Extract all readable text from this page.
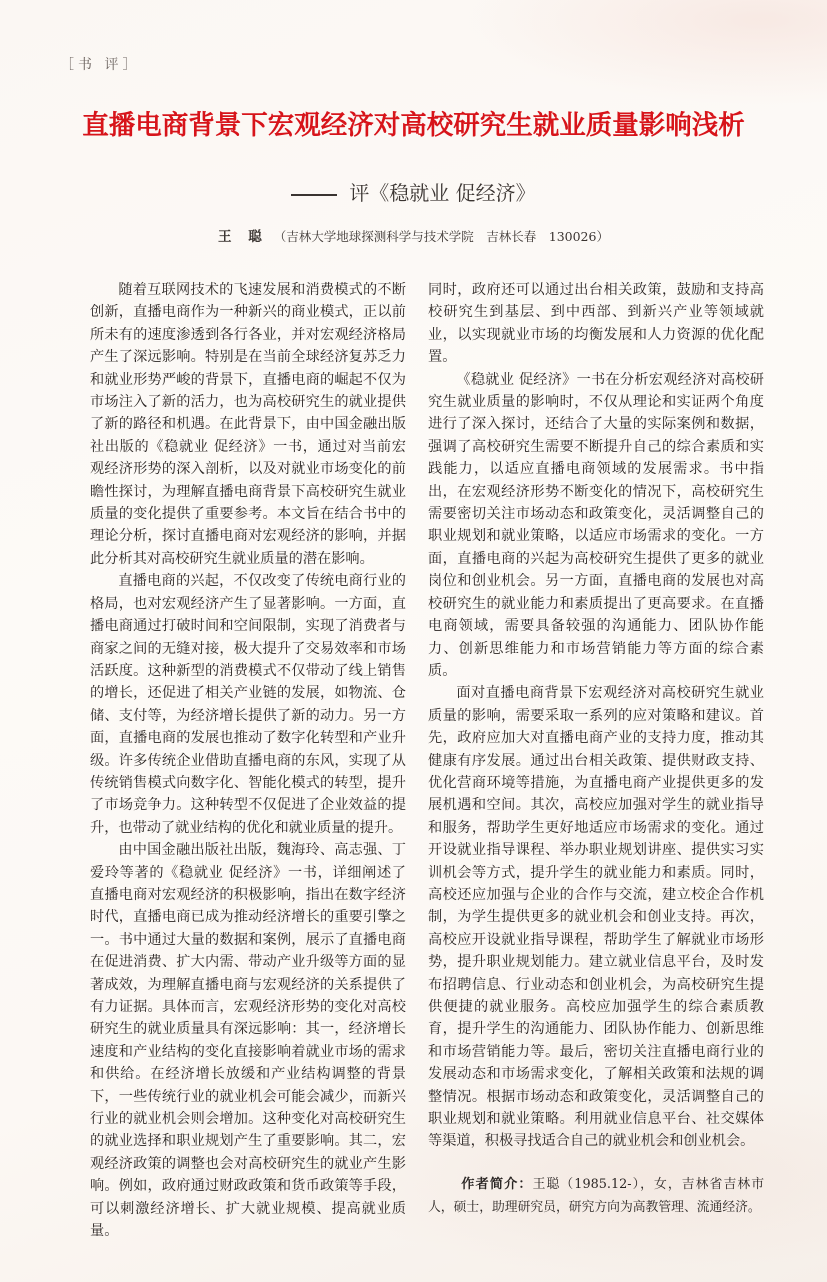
［书 评］
直播电商背景下宏观经济对高校研究生就业质量影响浅析
评《稳就业 促经济》
王 聪 （吉林大学地球探测科学与技术学院　吉林长春　130026）

随着互联网技术的飞速发展和消费模式的不断创新，直播电商作为一种新兴的商业模式，正以前所未有的速度渗透到各行各业，并对宏观经济格局产生了深远影响。特别是在当前全球经济复苏乏力和就业形势严峻的背景下，直播电商的崛起不仅为市场注入了新的活力，也为高校研究生的就业提供了新的路径和机遇。在此背景下，由中国金融出版社出版的《稳就业 促经济》一书，通过对当前宏观经济形势的深入剖析，以及对就业市场变化的前瞻性探讨，为理解直播电商背景下高校研究生就业质量的变化提供了重要参考。本文旨在结合书中的理论分析，探讨直播电商对宏观经济的影响，并据此分析其对高校研究生就业质量的潜在影响。

直播电商的兴起，不仅改变了传统电商行业的格局，也对宏观经济产生了显著影响。一方面，直播电商通过打破时间和空间限制，实现了消费者与商家之间的无缝对接，极大提升了交易效率和市场活跃度。这种新型的消费模式不仅带动了线上销售的增长，还促进了相关产业链的发展，如物流、仓储、支付等，为经济增长提供了新的动力。另一方面，直播电商的发展也推动了数字化转型和产业升级。许多传统企业借助直播电商的东风，实现了从传统销售模式向数字化、智能化模式的转型，提升了市场竞争力。这种转型不仅促进了企业效益的提升，也带动了就业结构的优化和就业质量的提升。

由中国金融出版社出版，魏海玲、高志强、丁爱玲等著的《稳就业 促经济》一书，详细阐述了直播电商对宏观经济的积极影响，指出在数字经济时代，直播电商已成为推动经济增长的重要引擎之一。书中通过大量的数据和案例，展示了直播电商在促进消费、扩大内需、带动产业升级等方面的显著成效，为理解直播电商与宏观经济的关系提供了有力证据。具体而言，宏观经济形势的变化对高校研究生的就业质量具有深远影响：其一，经济增长速度和产业结构的变化直接影响着就业市场的需求和供给。在经济增长放缓和产业结构调整的背景下，一些传统行业的就业机会可能会减少，而新兴行业的就业机会则会增加。这种变化对高校研究生的就业选择和职业规划产生了重要影响。其二，宏观经济政策的调整也会对高校研究生的就业产生影响。例如，政府通过财政政策和货币政策等手段，可以刺激经济增长、扩大就业规模、提高就业质量。

同时，政府还可以通过出台相关政策，鼓励和支持高校研究生到基层、到中西部、到新兴产业等领域就业，以实现就业市场的均衡发展和人力资源的优化配置。

《稳就业 促经济》一书在分析宏观经济对高校研究生就业质量的影响时，不仅从理论和实证两个角度进行了深入探讨，还结合了大量的实际案例和数据，强调了高校研究生需要不断提升自己的综合素质和实践能力，以适应直播电商领域的发展需求。书中指出，在宏观经济形势不断变化的情况下，高校研究生需要密切关注市场动态和政策变化，灵活调整自己的职业规划和就业策略，以适应市场需求的变化。一方面，直播电商的兴起为高校研究生提供了更多的就业岗位和创业机会。另一方面，直播电商的发展也对高校研究生的就业能力和素质提出了更高要求。在直播电商领域，需要具备较强的沟通能力、团队协作能力、创新思维能力和市场营销能力等方面的综合素质。

面对直播电商背景下宏观经济对高校研究生就业质量的影响，需要采取一系列的应对策略和建议。首先，政府应加大对直播电商产业的支持力度，推动其健康有序发展。通过出台相关政策、提供财政支持、优化营商环境等措施，为直播电商产业提供更多的发展机遇和空间。其次，高校应加强对学生的就业指导和服务，帮助学生更好地适应市场需求的变化。通过开设就业指导课程、举办职业规划讲座、提供实习实训机会等方式，提升学生的就业能力和素质。同时，高校还应加强与企业的合作与交流，建立校企合作机制，为学生提供更多的就业机会和创业支持。再次，高校应开设就业指导课程，帮助学生了解就业市场形势，提升职业规划能力。建立就业信息平台，及时发布招聘信息、行业动态和创业机会，为高校研究生提供便捷的就业服务。高校应加强学生的综合素质教育，提升学生的沟通能力、团队协作能力、创新思维和市场营销能力等。最后，密切关注直播电商行业的发展动态和市场需求变化，了解相关政策和法规的调整情况。根据市场动态和政策变化，灵活调整自己的职业规划和就业策略。利用就业信息平台、社交媒体等渠道，积极寻找适合自己的就业机会和创业机会。

作者简介：王聪（1985.12-），女，吉林省吉林市人，硕士，助理研究员，研究方向为高教管理、流通经济。
